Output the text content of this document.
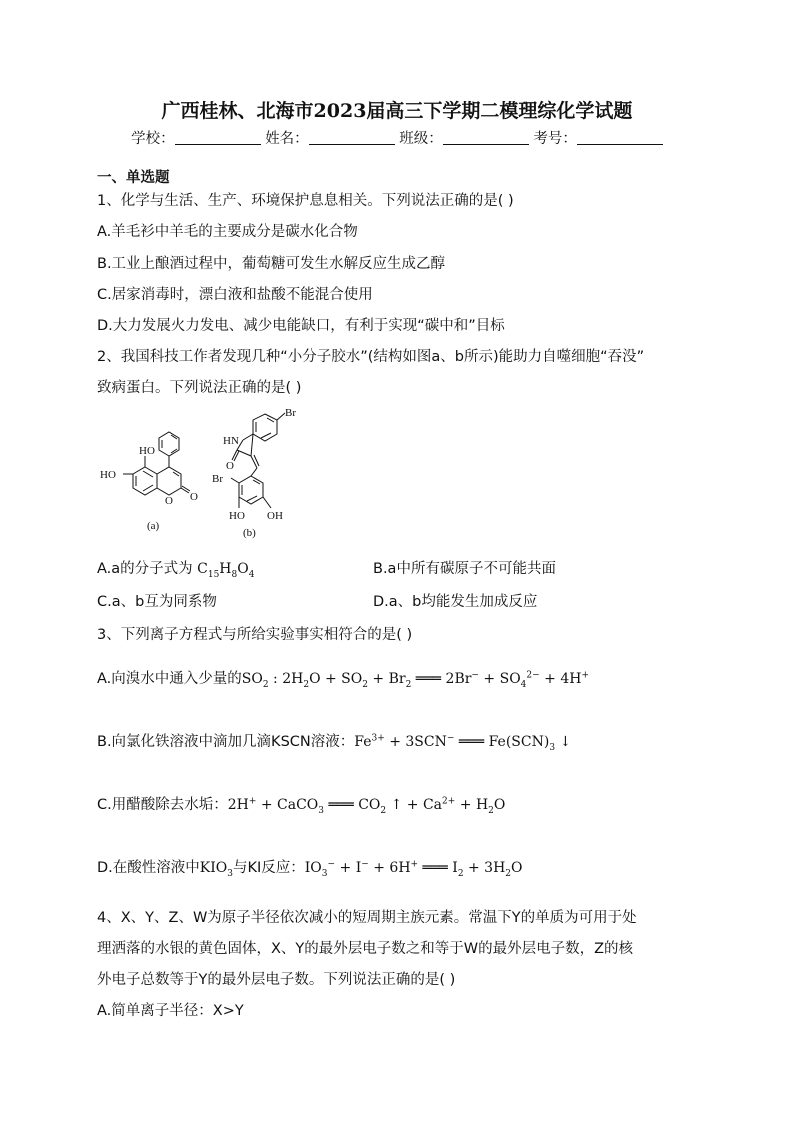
广西桂林、北海市2023届高三下学期二模理综化学试题
学校：	姓名：	班级：	考号：
一、单选题
1、化学与生活、生产、环境保护息息相关。下列说法正确的是( )
A.羊毛衫中羊毛的主要成分是碳水化合物
B.工业上酿酒过程中，葡萄糖可发生水解反应生成乙醇
C.居家消毒时，漂白液和盐酸不能混合使用
D.大力发展火力发电、减少电能缺口，有利于实现“碳中和”目标
2、我国科技工作者发现几种“小分子胶水”(结构如图a、b所示)能助力自噬细胞“吞没”
致病蛋白。下列说法正确的是( )
HO
HO
O
O
(a)
Br
HN
O
Br
HO OH
(b)
A.a的分子式为 $C_{15}H_8O_4$	B.a中所有碳原子不可能共面
C.a、b互为同系物	D.a、b均能发生加成反应
3、下列离子方程式与所给实验事实相符合的是( )
A.向溴水中通入少量的$SO_2$ : $2H_2O + SO_2 + Br_2$ ═══ $2Br^- + SO_4^{2-} + 4H^+$
B.向氯化铁溶液中滴加几滴KSCN溶液：$Fe^{3+} + 3SCN^-$ ═══ $Fe(SCN)_3$ ↓
C.用醋酸除去水垢：2H+ + CaCO$_3$ ═══ $CO_2$ ↑ + $Ca^{2+} + H_2O$
D.在酸性溶液中$KIO_3$与KI反应：$IO_3^- + I^- + 6H^+$ ═══ $I_2 + 3H_2O$
4、X、Y、Z、W为原子半径依次减小的短周期主族元素。常温下Y的单质为可用于处
理洒落的水银的黄色固体，X、Y的最外层电子数之和等于W的最外层电子数，Z的核
外电子总数等于Y的最外层电子数。下列说法正确的是( )
A.简单离子半径：X>Y
